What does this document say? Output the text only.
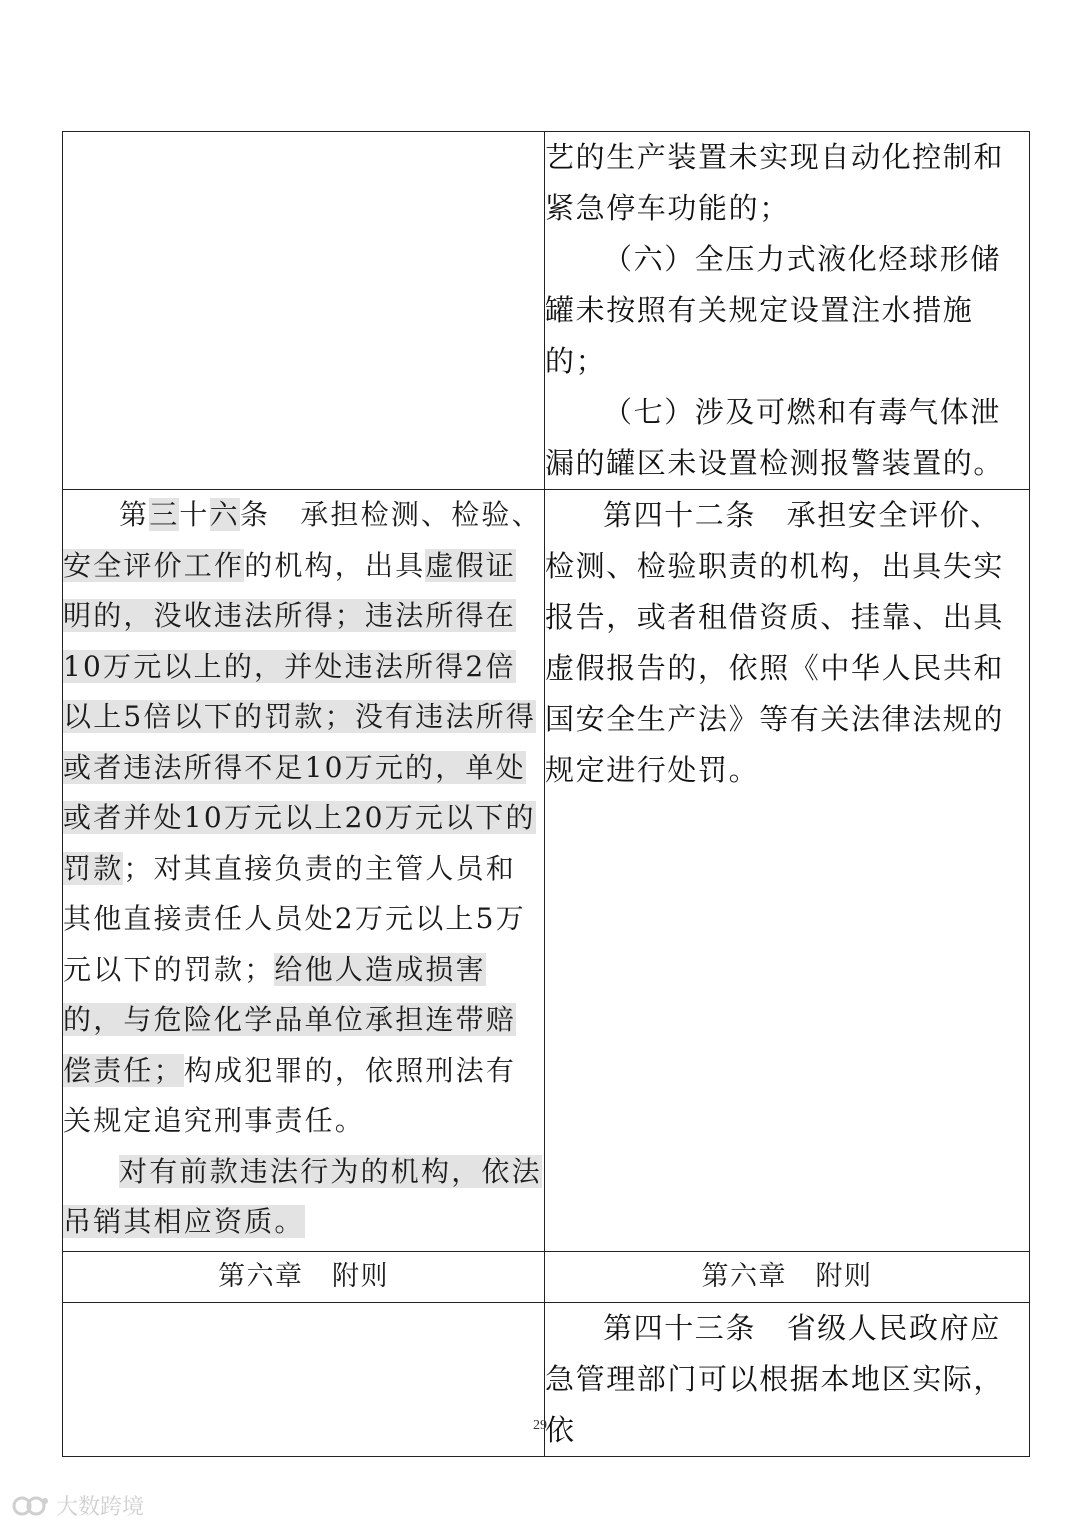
	艺的生产装置未实现自动化控制和紧急停车功能的；

（六）全压力式液化烃球形储罐未按照有关规定设置注水措施的；

（七）涉及可燃和有毒气体泄漏的罐区未设置检测报警装置的。

第三十六条　承担检测、检验、安全评价工作的机构，出具虚假证明的，没收违法所得；违法所得在10万元以上的，并处违法所得2倍以上5倍以下的罚款；没有违法所得或者违法所得不足10万元的，单处或者并处10万元以上20万元以下的罚款；对其直接负责的主管人员和其他直接责任人员处2万元以上5万元以下的罚款；给他人造成损害的，与危险化学品单位承担连带赔偿责任；构成犯罪的，依照刑法有关规定追究刑事责任。

对有前款违法行为的机构，依法吊销其相应资质。	第四十二条　承担安全评价、检测、检验职责的机构，出具失实报告，或者租借资质、挂靠、出具虚假报告的，依照《中华人民共和国安全生产法》等有关法律法规的规定进行处罚。

第六章　附则	第六章　附则

	第四十三条　省级人民政府应急管理部门可以根据本地区实际，依

29
大数跨境
